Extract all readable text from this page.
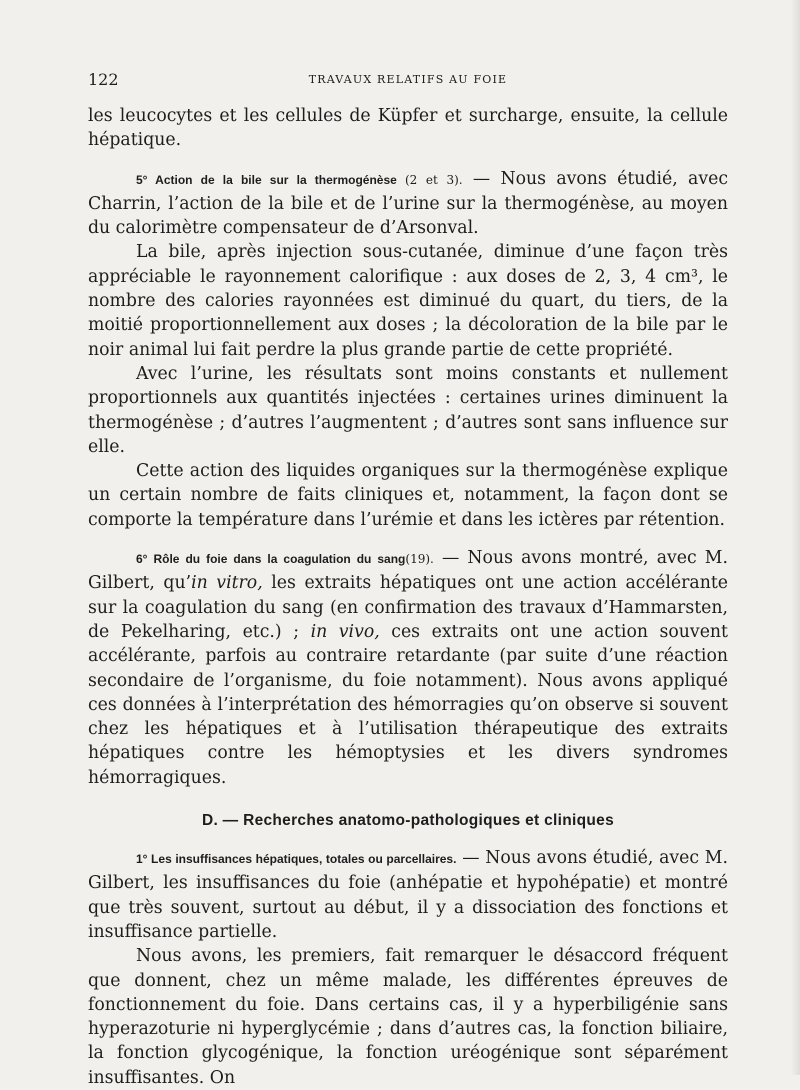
122	TRAVAUX RELATIFS AU FOIE

les leucocytes et les cellules de Küpfer et surcharge, ensuite, la cellule hépatique.

5° Action de la bile sur la thermogénèse (2 et 3). — Nous avons étudié, avec Charrin, l’action de la bile et de l’urine sur la thermogénèse, au moyen du calorimètre compensateur de d’Arsonval.

La bile, après injection sous-cutanée, diminue d’une façon très appréciable le rayonnement calorifique : aux doses de 2, 3, 4 cm³, le nombre des calories rayonnées est diminué du quart, du tiers, de la moitié proportionnellement aux doses ; la décoloration de la bile par le noir animal lui fait perdre la plus grande partie de cette propriété.

Avec l’urine, les résultats sont moins constants et nullement proportionnels aux quantités injectées : certaines urines diminuent la thermogénèse ; d’autres l’augmentent ; d’autres sont sans influence sur elle.

Cette action des liquides organiques sur la thermogénèse explique un certain nombre de faits cliniques et, notamment, la façon dont se comporte la température dans l’urémie et dans les ictères par rétention.

6° Rôle du foie dans la coagulation du sang(19). — Nous avons montré, avec M. Gilbert, qu’in vitro, les extraits hépatiques ont une action accélérante sur la coagulation du sang (en confirmation des travaux d’Hammarsten, de Pekelharing, etc.) ; in vivo, ces extraits ont une action souvent accélérante, parfois au contraire retardante (par suite d’une réaction secondaire de l’organisme, du foie notamment). Nous avons appliqué ces données à l’interprétation des hémorragies qu’on observe si souvent chez les hépatiques et à l’utilisation thérapeutique des extraits hépatiques contre les hémoptysies et les divers syndromes hémorragiques.

D. — Recherches anatomo-pathologiques et cliniques

1° Les insuffisances hépatiques, totales ou parcellaires. — Nous avons étudié, avec M. Gilbert, les insuffisances du foie (anhépatie et hypohépatie) et montré que très souvent, surtout au début, il y a dissociation des fonctions et insuffisance partielle.

Nous avons, les premiers, fait remarquer le désaccord fréquent que donnent, chez un même malade, les différentes épreuves de fonctionnement du foie. Dans certains cas, il y a hyperbiligénie sans hyperazoturie ni hyperglycémie ; dans d’autres cas, la fonction biliaire, la fonction glycogénique, la fonction uréogénique sont séparément insuffisantes. On
